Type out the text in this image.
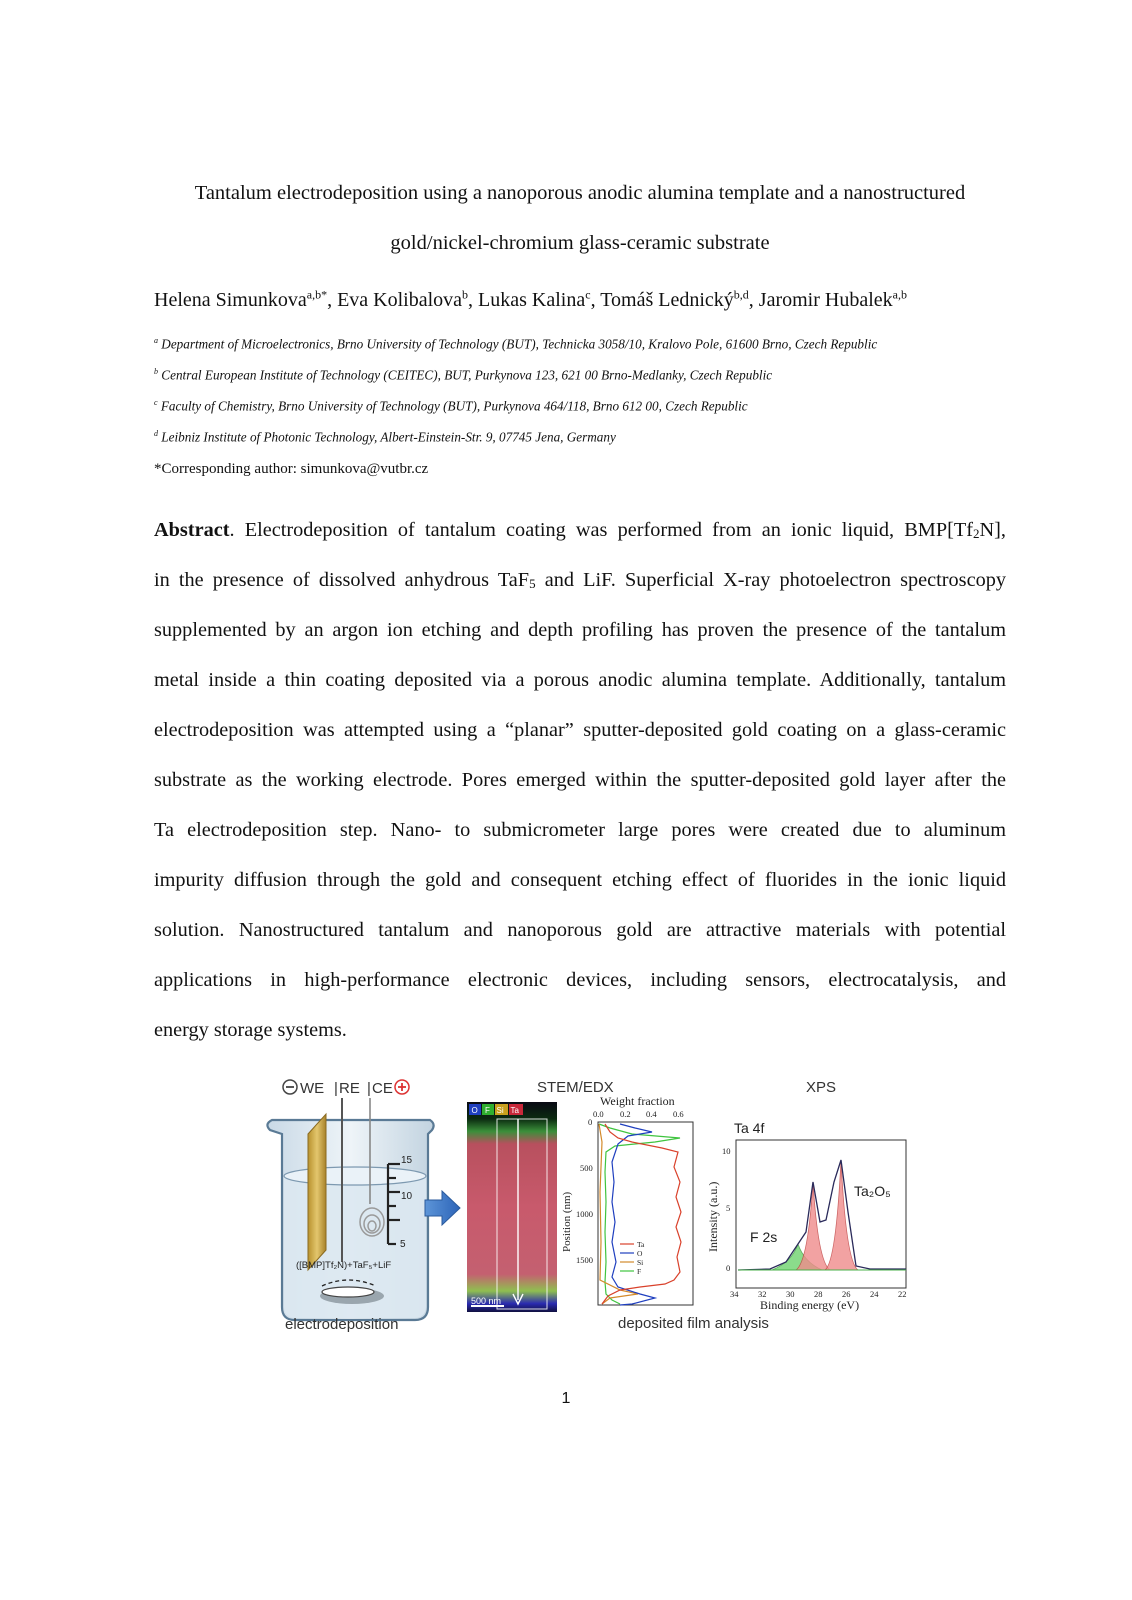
Tantalum electrodeposition using a nanoporous anodic alumina template and a nanostructured
gold/nickel-chromium glass-ceramic substrate
Helena Simunkova$^{a,b*}$, Eva Kolibalova$^b$, Lukas Kalina$^c$, Tomáš Lednický$^{b,d}$, Jaromir Hubalek$^{a,b}$
$^a$ Department of Microelectronics, Brno University of Technology (BUT), Technicka 3058/10, Kralovo Pole, 61600 Brno, Czech Republic
$^b$ Central European Institute of Technology (CEITEC), BUT, Purkynova 123, 621 00 Brno-Medlanky, Czech Republic
$^c$ Faculty of Chemistry, Brno University of Technology (BUT), Purkynova 464/118, Brno 612 00, Czech Republic
$^d$ Leibniz Institute of Photonic Technology, Albert-Einstein-Str. 9, 07745 Jena, Germany
*Corresponding author: simunkova@vutbr.cz
Abstract. Electrodeposition of tantalum coating was performed from an ionic liquid, $BMP[Tf_2N]$,
in the presence of dissolved anhydrous TaF$_5$ and LiF. Superficial X-ray photoelectron spectroscopy
supplemented by an argon ion etching and depth profiling has proven the presence of the tantalum
metal inside a thin coating deposited via a porous anodic alumina template. Additionally, tantalum
electrodeposition was attempted using a “planar” sputter-deposited gold coating on a glass-ceramic
substrate as the working electrode. Pores emerged within the sputter-deposited gold layer after the
Ta electrodeposition step. Nano- to submicrometer large pores were created due to aluminum
impurity diffusion through the gold and consequent etching effect of fluorides in the ionic liquid
solution. Nanostructured tantalum and nanoporous gold are attractive materials with potential
applications in high-performance electronic devices, including sensors, electrocatalysis, and
energy storage systems.
WE | RE | CE
15
10
5
([BMP]Tf₂N)+TaF₅+LiF
electrodeposition
STEM/EDX
O F Si Ta
500 nm
Weight fraction
0.0 0.2 0.4 0.6
0
500
1000
1500
Position (nm)	Ta
O
Si
F
deposited film analysis
XPS
Ta 4f
10
5
0
Intensity (a.u.)	Ta₂O₅
F 2s
34 32 30 28 26 24 22
Binding energy (eV)
1
